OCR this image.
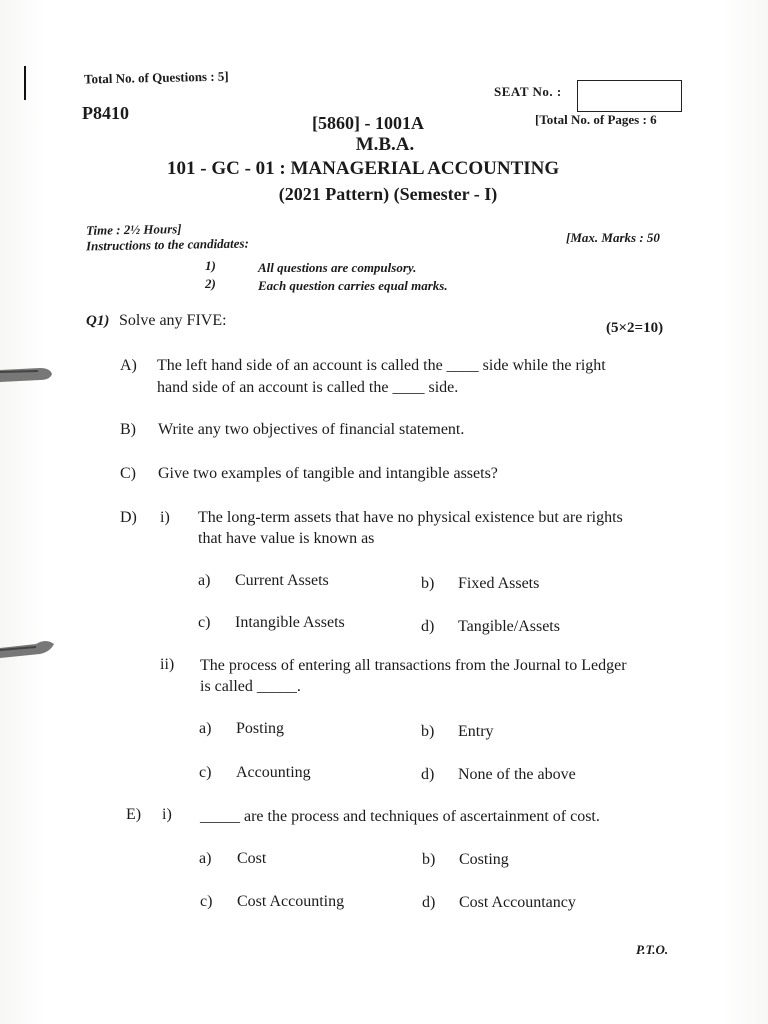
Total No. of Questions : 5]
SEAT No. :
P8410	[5860] - 1001A	[Total No. of Pages : 6
M.B.A.
101 - GC - 01 : MANAGERIAL ACCOUNTING
(2021 Pattern) (Semester - I)
Time : 2½ Hours]	[Max. Marks : 50
Instructions to the candidates:
1)	All questions are compulsory.
2)	Each question carries equal marks.
Q1) Solve any FIVE:	(5×2=10)
A) The left hand side of an account is called the ____ side while the right
hand side of an account is called the ____ side.
B) Write any two objectives of financial statement.
C) Give two examples of tangible and intangible assets?
D) i) The long-term assets that have no physical existence but are rights
that have value is known as
a) Current Assets	b) Fixed Assets
c) Intangible Assets	d) Tangible/Assets
ii) The process of entering all transactions from the Journal to Ledger
is called _____.
a) Posting	b) Entry
c) Accounting	d) None of the above
E) i) _____ are the process and techniques of ascertainment of cost.
a) Cost	b) Costing
c) Cost Accounting	d) Cost Accountancy
P.T.O.
